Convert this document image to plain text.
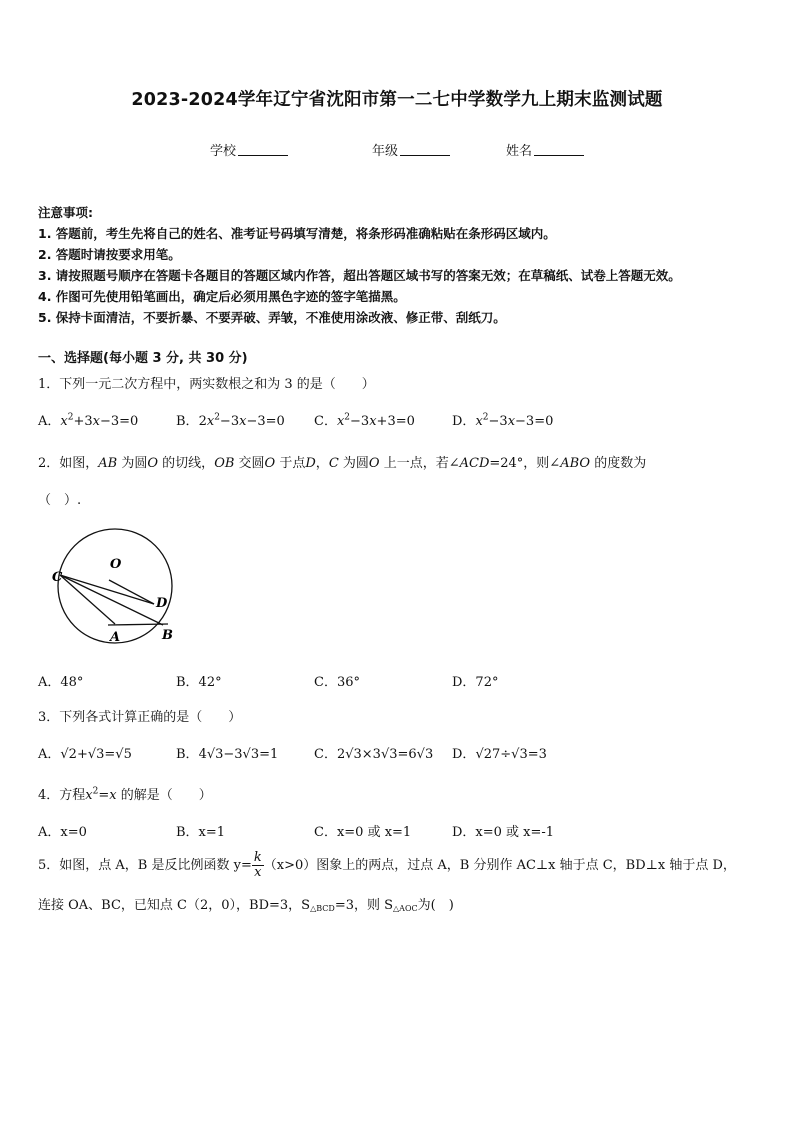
2023-2024学年辽宁省沈阳市第一二七中学数学九上期末监测试题
学校	年级	姓名
注意事项:
1. 答题前，考生先将自己的姓名、准考证号码填写清楚，将条形码准确粘贴在条形码区域内。
2. 答题时请按要求用笔。
3. 请按照题号顺序在答题卡各题目的答题区域内作答，超出答题区域书写的答案无效；在草稿纸、试卷上答题无效。
4. 作图可先使用铅笔画出，确定后必须用黑色字迹的签字笔描黑。
5. 保持卡面清洁，不要折暴、不要弄破、弄皱，不准使用涂改液、修正带、刮纸刀。
一、选择题(每小题 3 分, 共 30 分)
1．下列一元二次方程中，两实数根之和为 3 的是（　　）
A．$x^2+3x-3=0$	B．$2x^2-3x-3=0$ C．$x^2-3x+3=0$	D．$x^2-3x-3=0$
2．如图，AB 为圆O 的切线，OB 交圆O 于点D，C 为圆O 上一点，若∠ACD=24°，则∠ABO 的度数为
（　）.
O
C
D
A	B
A．48°	B．42°	C．36°	D．72°
3．下列各式计算正确的是（　　）
A．√2+√3=√5	B．4√3−3√3=1	C．2√3×3√3=6√3 D．√27÷√3=3
4．方程$x^2=x$ 的解是（　　）
A．x=0	B．x=1	C．x=0 或 x=1	D．x=0 或 x=-1
5．如图，点 A，B 是反比例函数 $y= \frac{k}{x} (x>0)$图象上的两点，过点 A，B 分别作 AC⊥x 轴于点 C，BD⊥x 轴于点 D，
连接 OA、BC，已知点 C（2，0），BD=3，$S_{\triangle BCD}=3$，则 $S_{\triangle AOC}$为(　)
